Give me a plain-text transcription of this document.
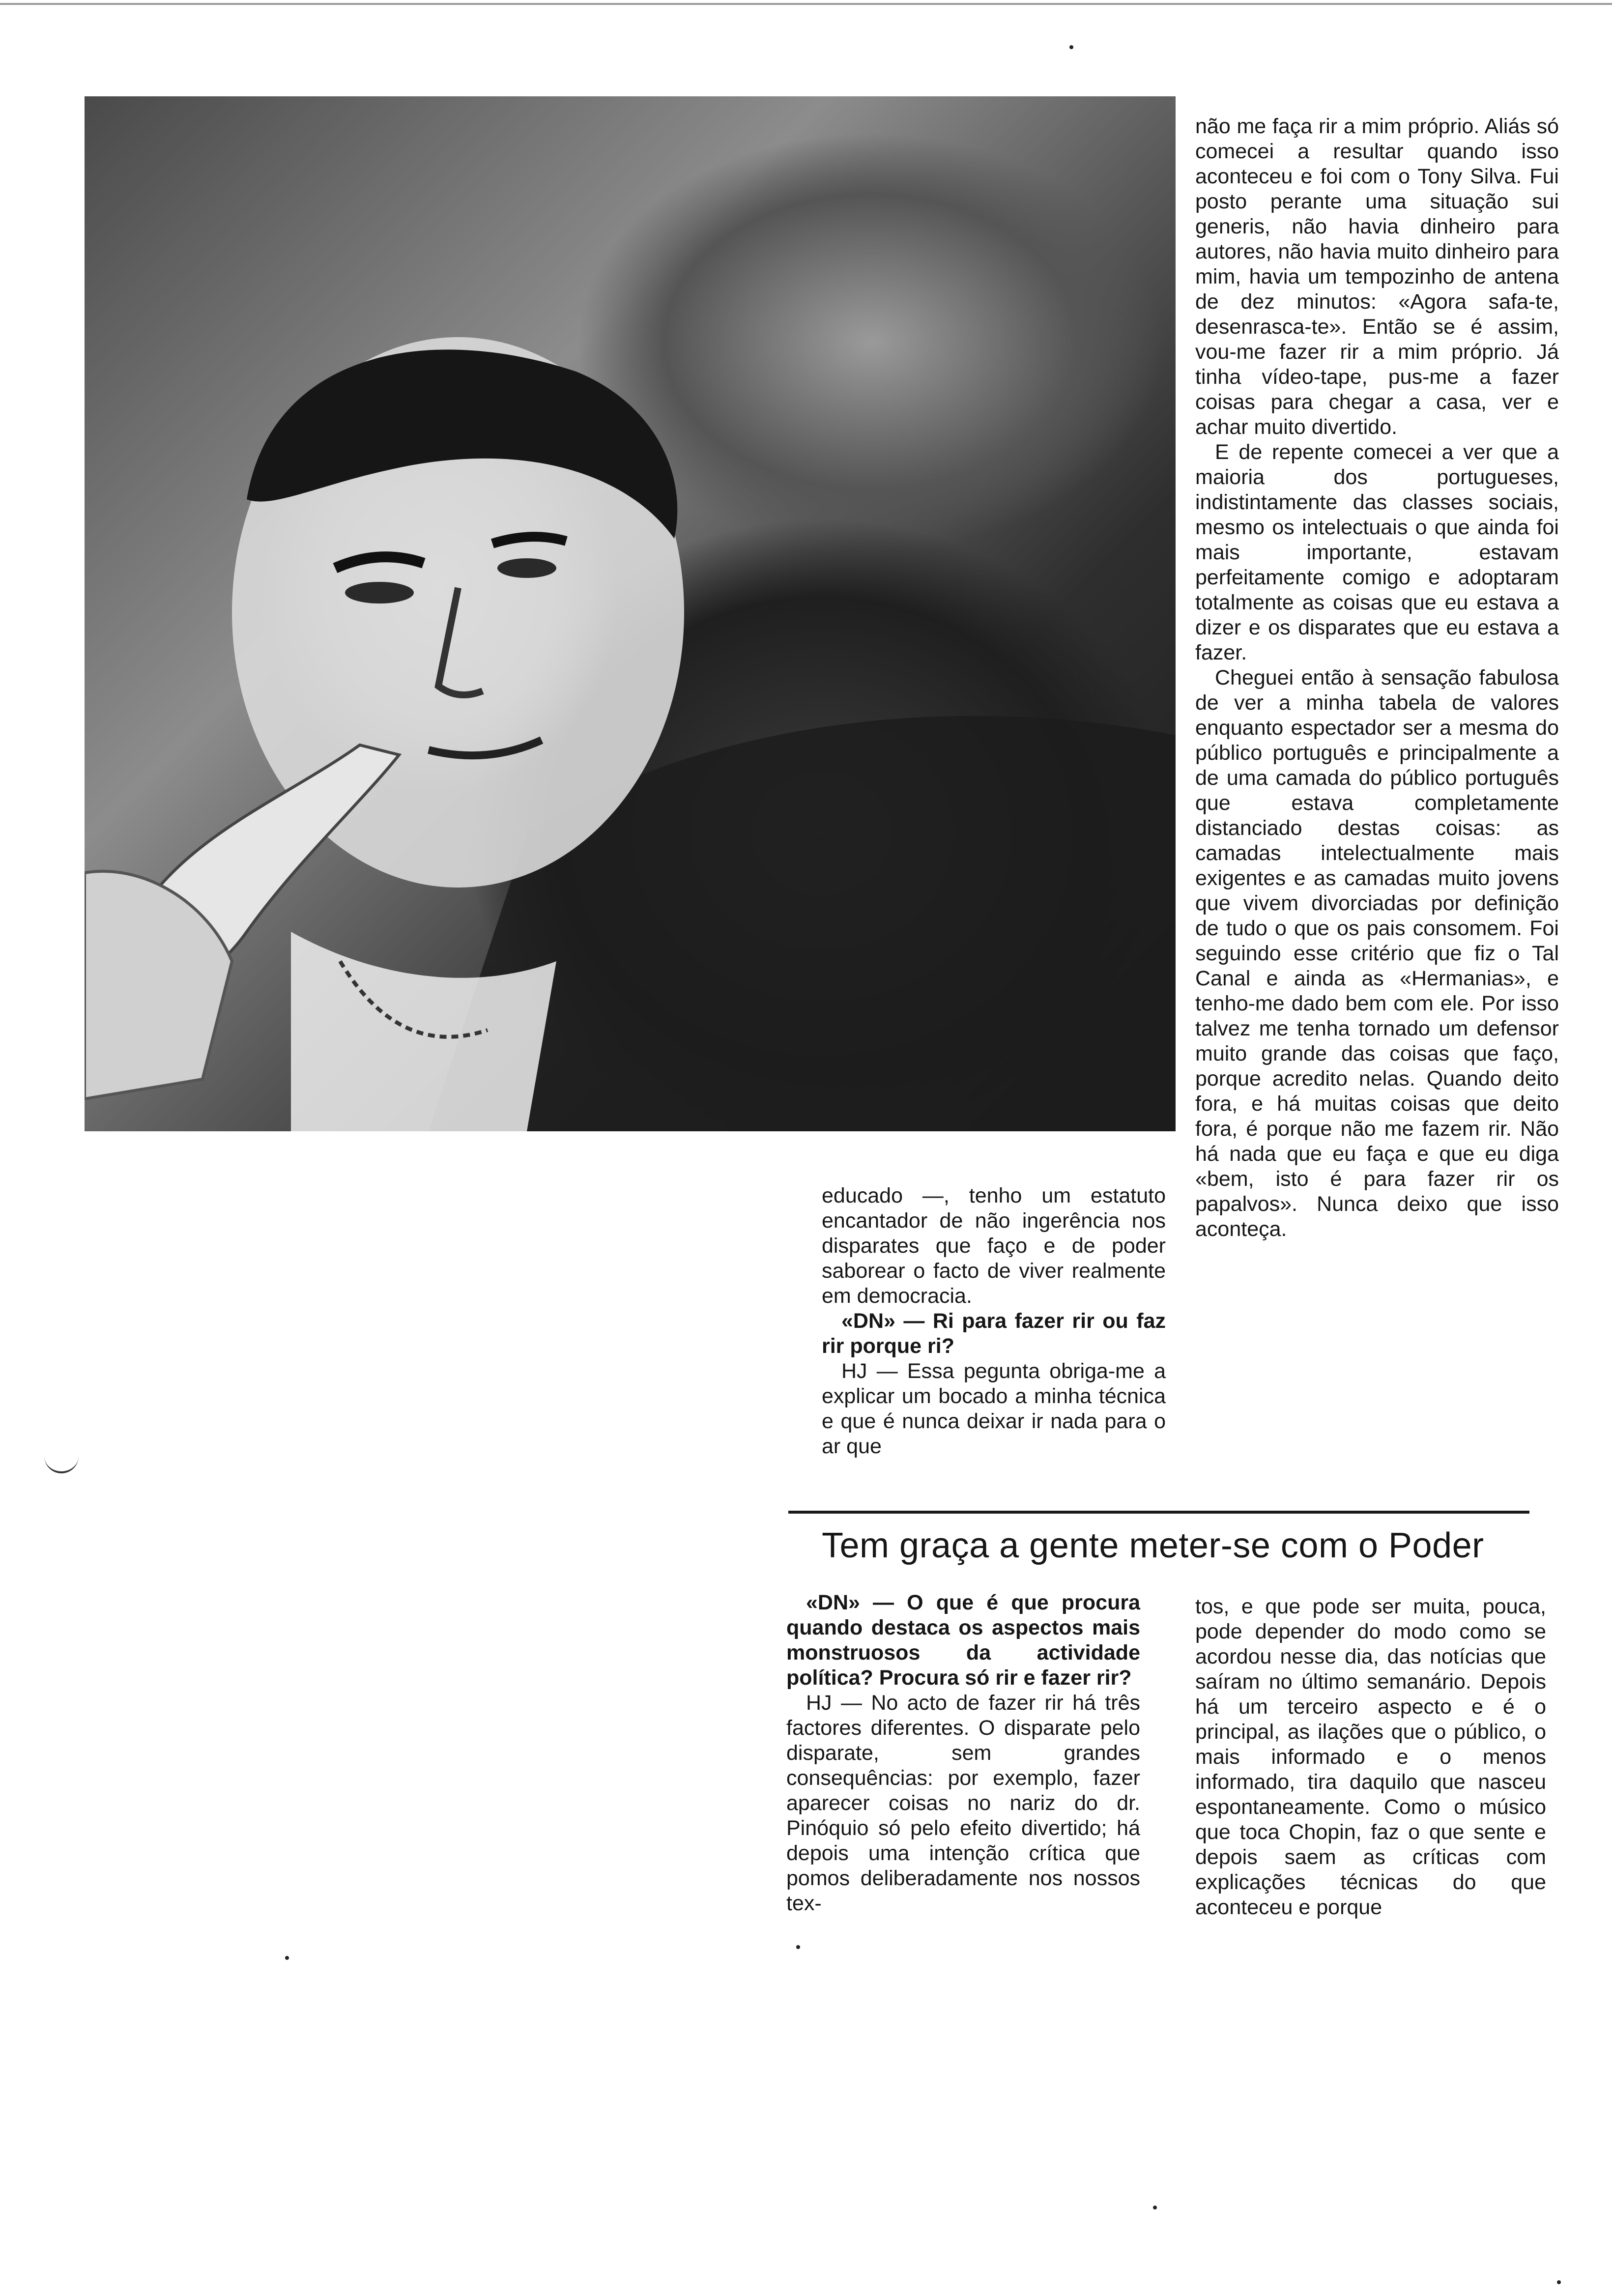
não me faça rir a mim próprio. Aliás só comecei a resultar quando isso aconteceu e foi com o Tony Silva. Fui posto perante uma situação sui generis, não havia dinheiro para autores, não havia muito dinheiro para mim, havia um tempozinho de antena de dez minutos: «Agora safa-te, desenrasca-te». Então se é assim, vou-me fazer rir a mim próprio. Já tinha vídeo-tape, pus-me a fazer coisas para chegar a casa, ver e achar muito divertido.

E de repente comecei a ver que a maioria dos portugueses, indistintamente das classes sociais, mesmo os intelectuais o que ainda foi mais importante, estavam perfeitamente comigo e adoptaram totalmente as coisas que eu estava a dizer e os disparates que eu estava a fazer.

Cheguei então à sensação fabulosa de ver a minha tabela de valores enquanto espectador ser a mesma do público português e principalmente a de uma camada do público português que estava completamente distanciado destas coisas: as camadas intelectualmente mais exigentes e as camadas muito jovens que vivem divorciadas por definição de tudo o que os pais consomem. Foi seguindo esse critério que fiz o Tal Canal e ainda as «Hermanias», e tenho-me dado bem com ele. Por isso talvez me tenha tornado um defensor muito grande das coisas que faço, porque acredito nelas. Quando deito fora, e há muitas coisas que deito fora, é porque não me fazem rir. Não há nada que eu faça e que eu diga «bem, isto é para fazer rir os papalvos». Nunca deixo que isso aconteça.

educado —, tenho um estatuto encantador de não ingerência nos disparates que faço e de poder saborear o facto de viver realmente em democracia.

«DN» — Ri para fazer rir ou faz rir porque ri?

HJ — Essa pegunta obriga-me a explicar um bocado a minha técnica e que é nunca deixar ir nada para o ar que

Tem graça a gente meter-se com o Poder

«DN» — O que é que procura quando destaca os aspectos mais monstruosos da actividade política? Procura só rir e fazer rir?

HJ — No acto de fazer rir há três factores diferentes. O disparate pelo disparate, sem grandes consequências: por exemplo, fazer aparecer coisas no nariz do dr. Pinóquio só pelo efeito divertido; há depois uma intenção crítica que pomos deliberadamente nos nossos tex-

tos, e que pode ser muita, pouca, pode depender do modo como se acordou nesse dia, das notícias que saíram no último semanário. Depois há um terceiro aspecto e é o principal, as ilações que o público, o mais informado e o menos informado, tira daquilo que nasceu espontaneamente. Como o músico que toca Chopin, faz o que sente e depois saem as críticas com explicações técnicas do que aconteceu e porque
